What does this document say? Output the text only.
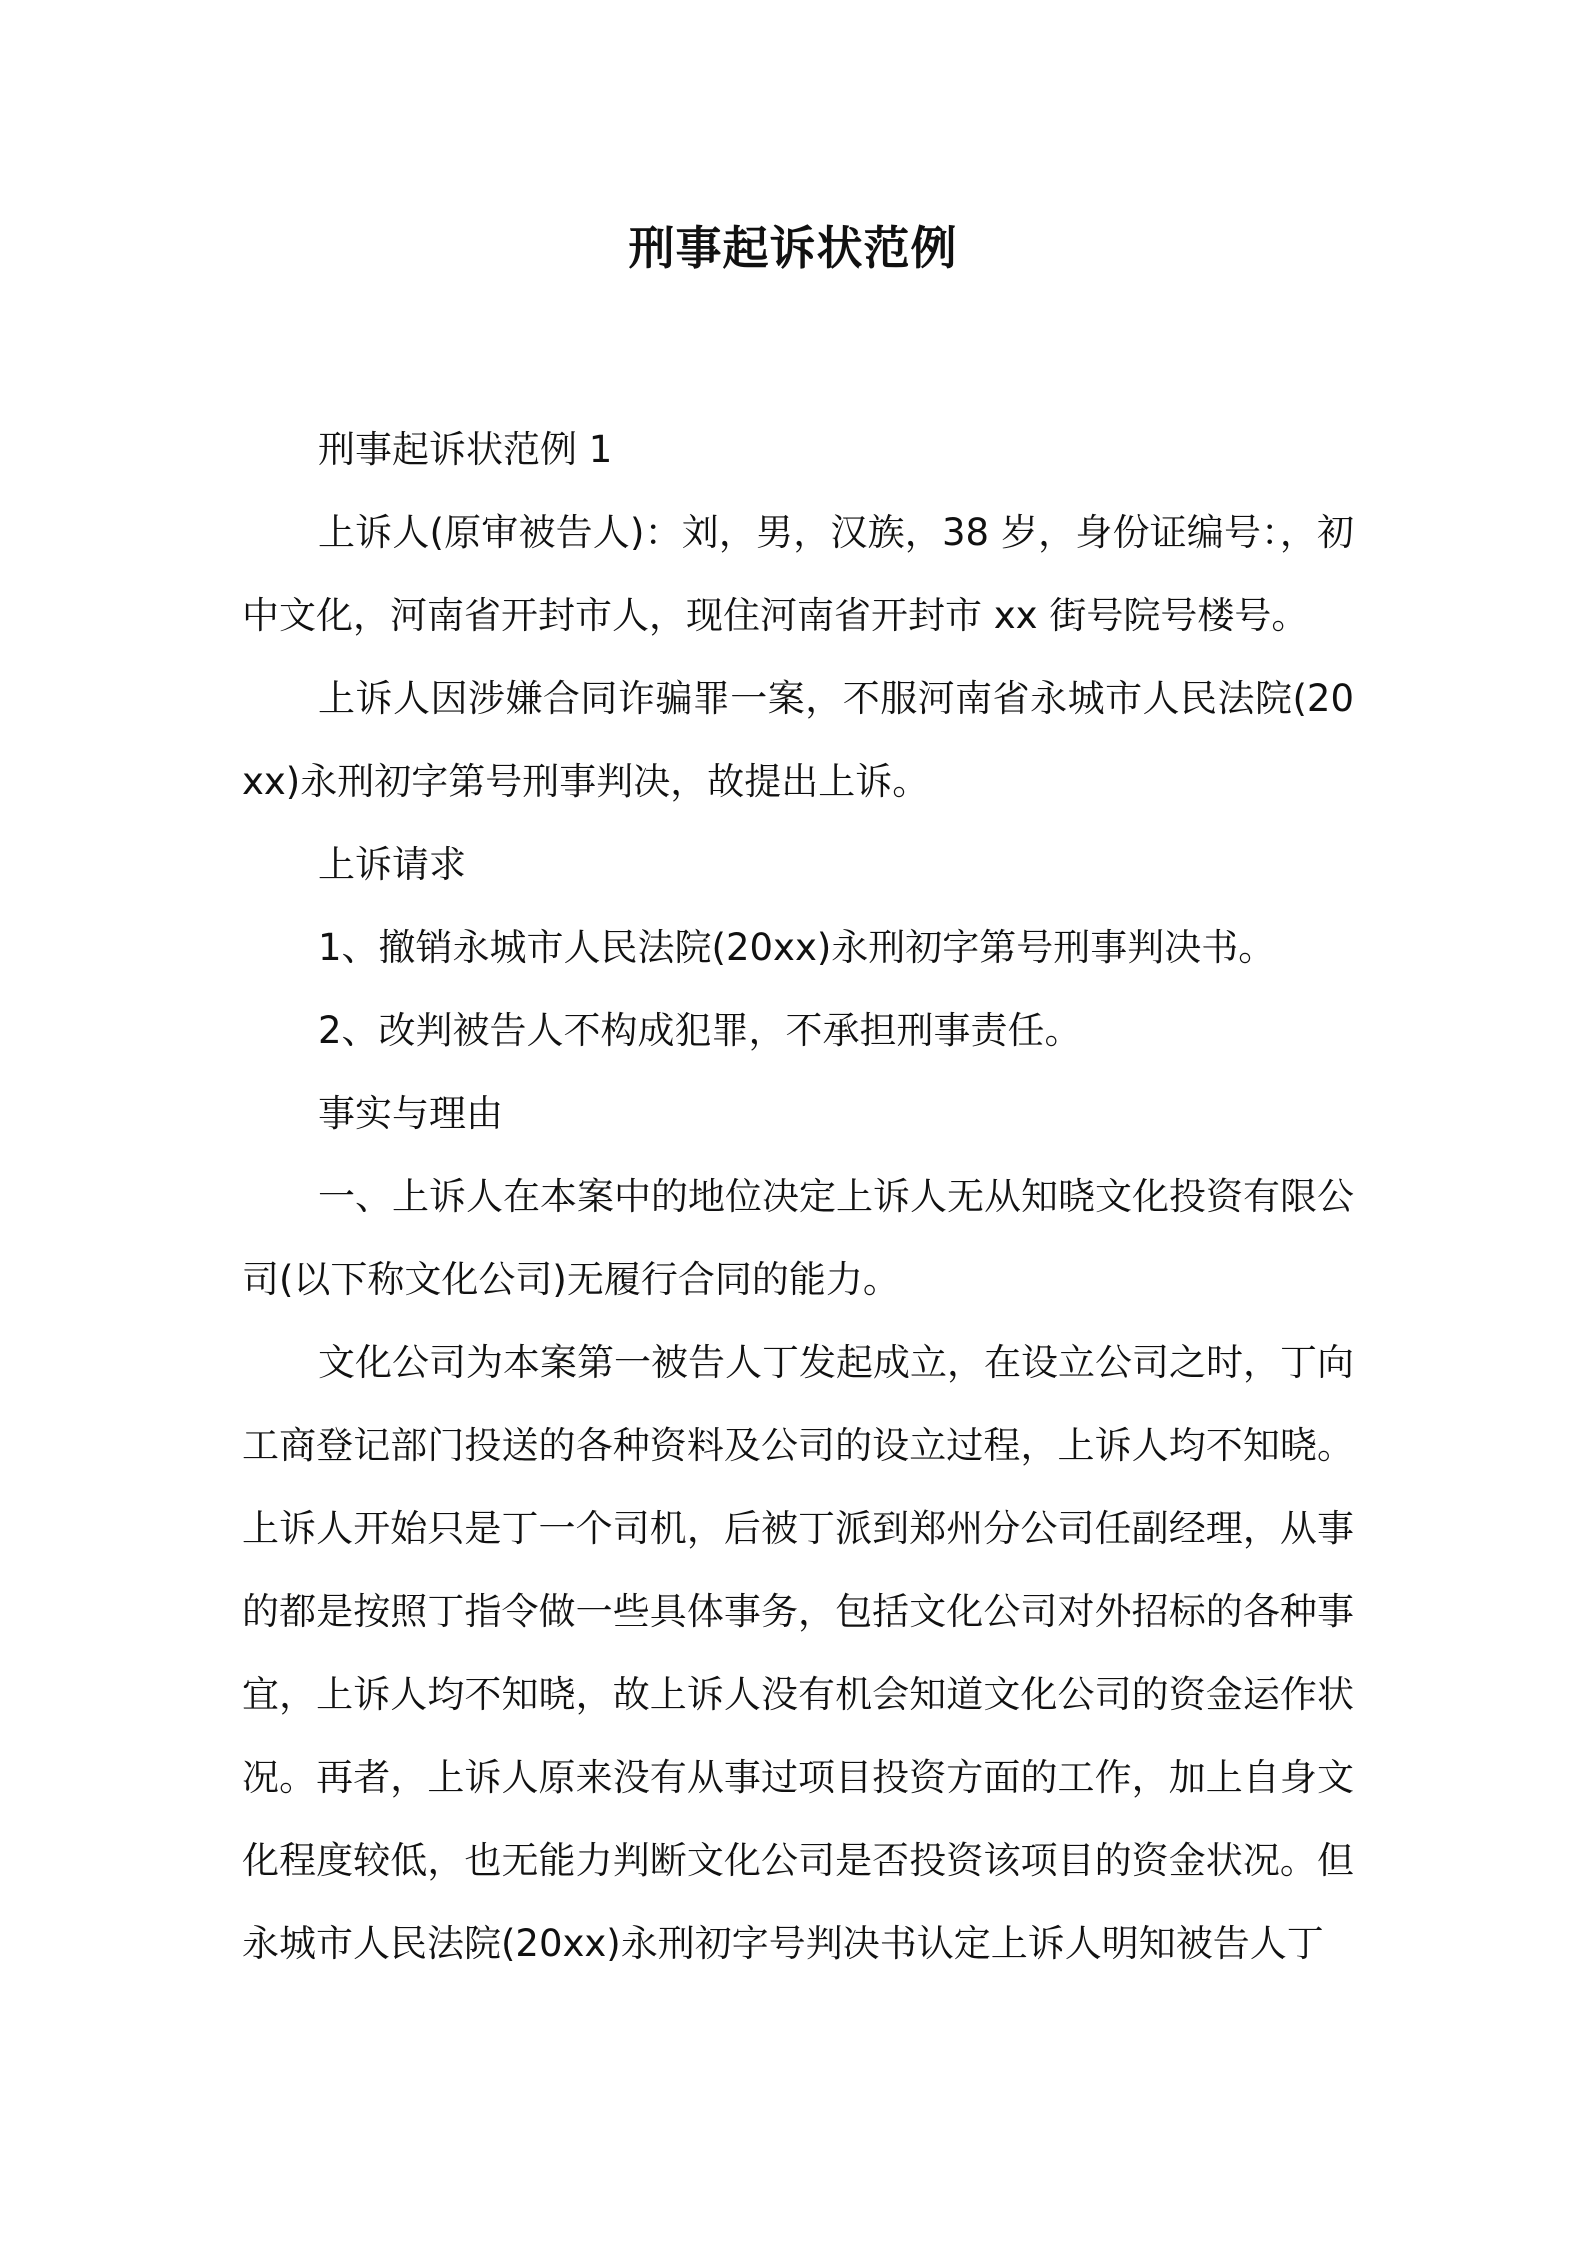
刑事起诉状范例

刑事起诉状范例 1

上诉人(原审被告人)：刘，男，汉族，38 岁，身份证编号：，初中文化，河南省开封市人，现住河南省开封市 xx 街号院号楼号。

上诉人因涉嫌合同诈骗罪一案，不服河南省永城市人民法院(20xx)永刑初字第号刑事判决，故提出上诉。

上诉请求

1、撤销永城市人民法院(20xx)永刑初字第号刑事判决书。

2、改判被告人不构成犯罪，不承担刑事责任。

事实与理由

一、上诉人在本案中的地位决定上诉人无从知晓文化投资有限公司(以下称文化公司)无履行合同的能力。

文化公司为本案第一被告人丁发起成立，在设立公司之时，丁向工商登记部门投送的各种资料及公司的设立过程，上诉人均不知晓。上诉人开始只是丁一个司机，后被丁派到郑州分公司任副经理，从事的都是按照丁指令做一些具体事务，包括文化公司对外招标的各种事宜，上诉人均不知晓，故上诉人没有机会知道文化公司的资金运作状况。再者，上诉人原来没有从事过项目投资方面的工作，加上自身文化程度较低，也无能力判断文化公司是否投资该项目的资金状况。但永城市人民法院(20xx)永刑初字号判决书认定上诉人明知被告人丁
